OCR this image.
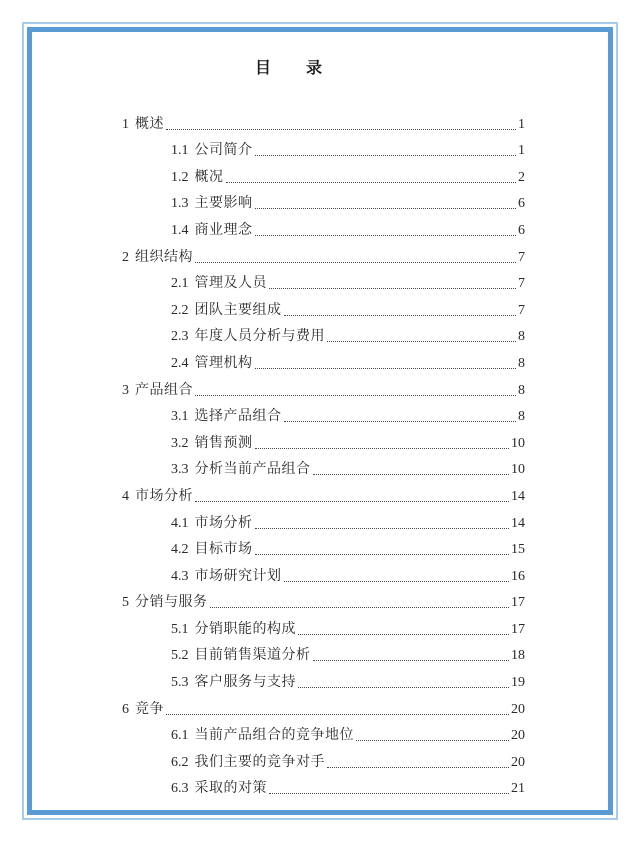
目　　录
1 概述	1
1.1 公司简介	1
1.2 概况	2
1.3 主要影响	6
1.4 商业理念	6
2 组织结构	7
2.1 管理及人员	7
2.2 团队主要组成	7
2.3 年度人员分析与费用	8
2.4 管理机构	8
3 产品组合	8
3.1 选择产品组合	8
3.2 销售预测	10
3.3 分析当前产品组合	10
4 市场分析	14
4.1 市场分析	14
4.2 目标市场	15
4.3 市场研究计划	16
5 分销与服务	17
5.1 分销职能的构成	17
5.2 目前销售渠道分析	18
5.3 客户服务与支持	19
6 竞争	20
6.1 当前产品组合的竞争地位	20
6.2 我们主要的竞争对手	20
6.3 采取的对策	21
